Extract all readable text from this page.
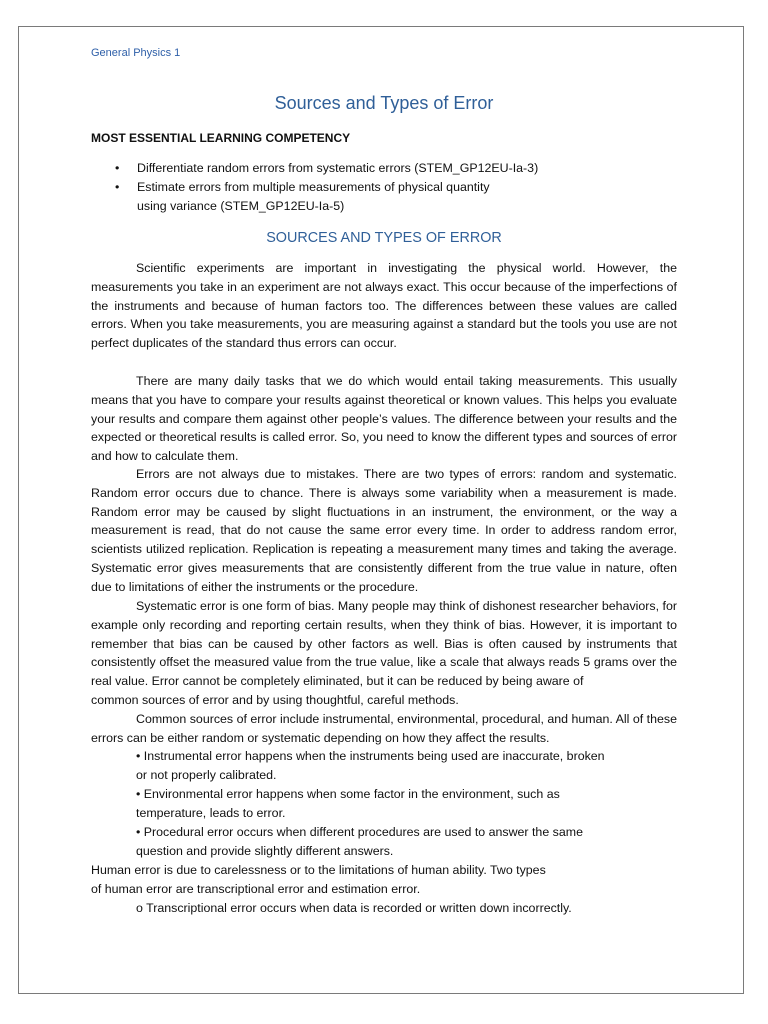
General Physics 1
Sources and Types of Error
MOST ESSENTIAL LEARNING COMPETENCY
• Differentiate random errors from systematic errors (STEM_GP12EU-Ia-3)
• Estimate errors from multiple measurements of physical quantity using variance (STEM_GP12EU-Ia-5)
SOURCES AND TYPES OF ERROR

Scientific experiments are important in investigating the physical world. However, the measurements you take in an experiment are not always exact. This occur because of the imperfections of the instruments and because of human factors too. The differences between these values are called errors. When you take measurements, you are measuring against a standard but the tools you use are not perfect duplicates of the standard thus errors can occur.

There are many daily tasks that we do which would entail taking measurements. This usually means that you have to compare your results against theoretical or known values. This helps you evaluate your results and compare them against other people’s values. The difference between your results and the expected or theoretical results is called error. So, you need to know the different types and sources of error and how to calculate them.

Errors are not always due to mistakes. There are two types of errors: random and systematic. Random error occurs due to chance. There is always some variability when a measurement is made. Random error may be caused by slight fluctuations in an instrument, the environment, or the way a measurement is read, that do not cause the same error every time. In order to address random error, scientists utilized replication. Replication is repeating a measurement many times and taking the average. Systematic error gives measurements that are consistently different from the true value in nature, often due to limitations of either the instruments or the procedure.

Systematic error is one form of bias. Many people may think of dishonest researcher behaviors, for example only recording and reporting certain results, when they think of bias. However, it is important to remember that bias can be caused by other factors as well. Bias is often caused by instruments that consistently offset the measured value from the true value, like a scale that always reads 5 grams over the real value. Error cannot be completely eliminated, but it can be reduced by being aware of

common sources of error and by using thoughtful, careful methods.

Common sources of error include instrumental, environmental, procedural, and human. All of these errors can be either random or systematic depending on how they affect the results.

• Instrumental error happens when the instruments being used are inaccurate, broken

or not properly calibrated.

• Environmental error happens when some factor in the environment, such as

temperature, leads to error.

• Procedural error occurs when different procedures are used to answer the same

question and provide slightly different answers.

Human error is due to carelessness or to the limitations of human ability. Two types

of human error are transcriptional error and estimation error.

o Transcriptional error occurs when data is recorded or written down incorrectly.
